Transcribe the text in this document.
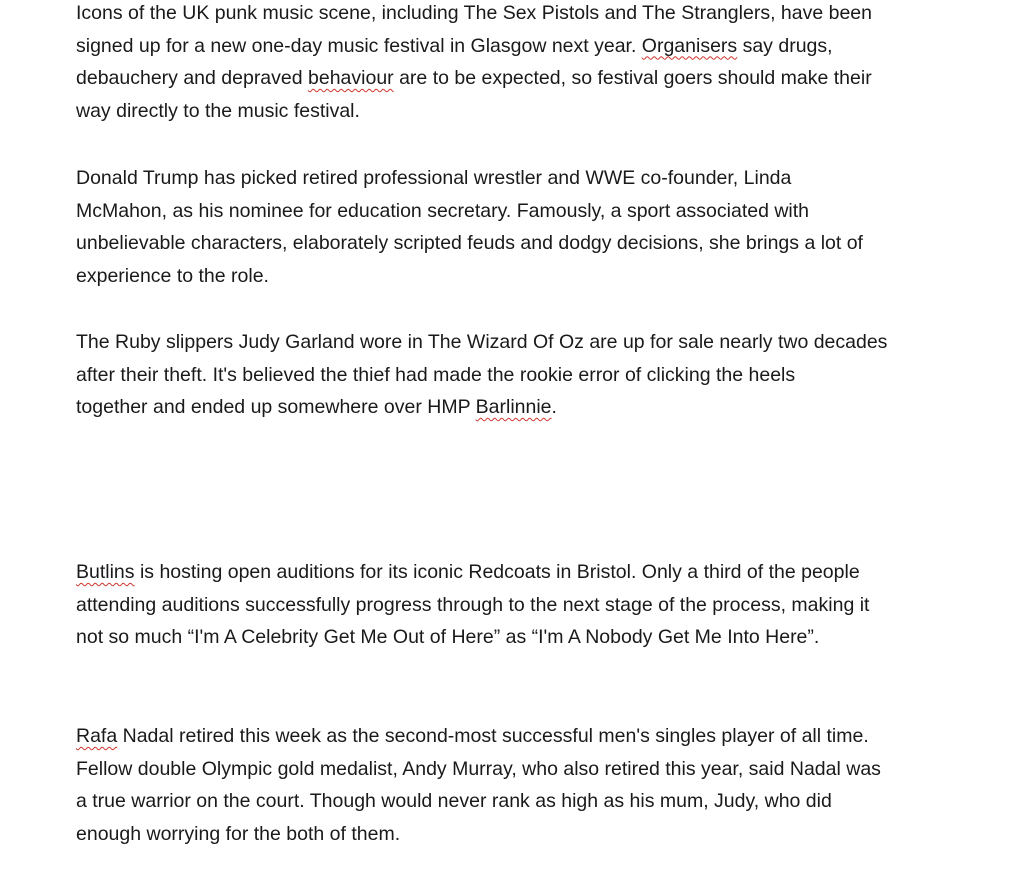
Icons of the UK punk music scene, including The Sex Pistols and The Stranglers, have been
signed up for a new one-day music festival in Glasgow next year. Organisers say drugs,
debauchery and depraved behaviour are to be expected, so festival goers should make their
way directly to the music festival.
Donald Trump has picked retired professional wrestler and WWE co-founder, Linda
McMahon, as his nominee for education secretary. Famously, a sport associated with
unbelievable characters, elaborately scripted feuds and dodgy decisions, she brings a lot of
experience to the role.
The Ruby slippers Judy Garland wore in The Wizard Of Oz are up for sale nearly two decades
after their theft. It's believed the thief had made the rookie error of clicking the heels
together and ended up somewhere over HMP Barlinnie.
Butlins is hosting open auditions for its iconic Redcoats in Bristol. Only a third of the people
attending auditions successfully progress through to the next stage of the process, making it
not so much “I'm A Celebrity Get Me Out of Here” as “I'm A Nobody Get Me Into Here”.
Rafa Nadal retired this week as the second-most successful men's singles player of all time.
Fellow double Olympic gold medalist, Andy Murray, who also retired this year, said Nadal was
a true warrior on the court. Though would never rank as high as his mum, Judy, who did
enough worrying for the both of them.
